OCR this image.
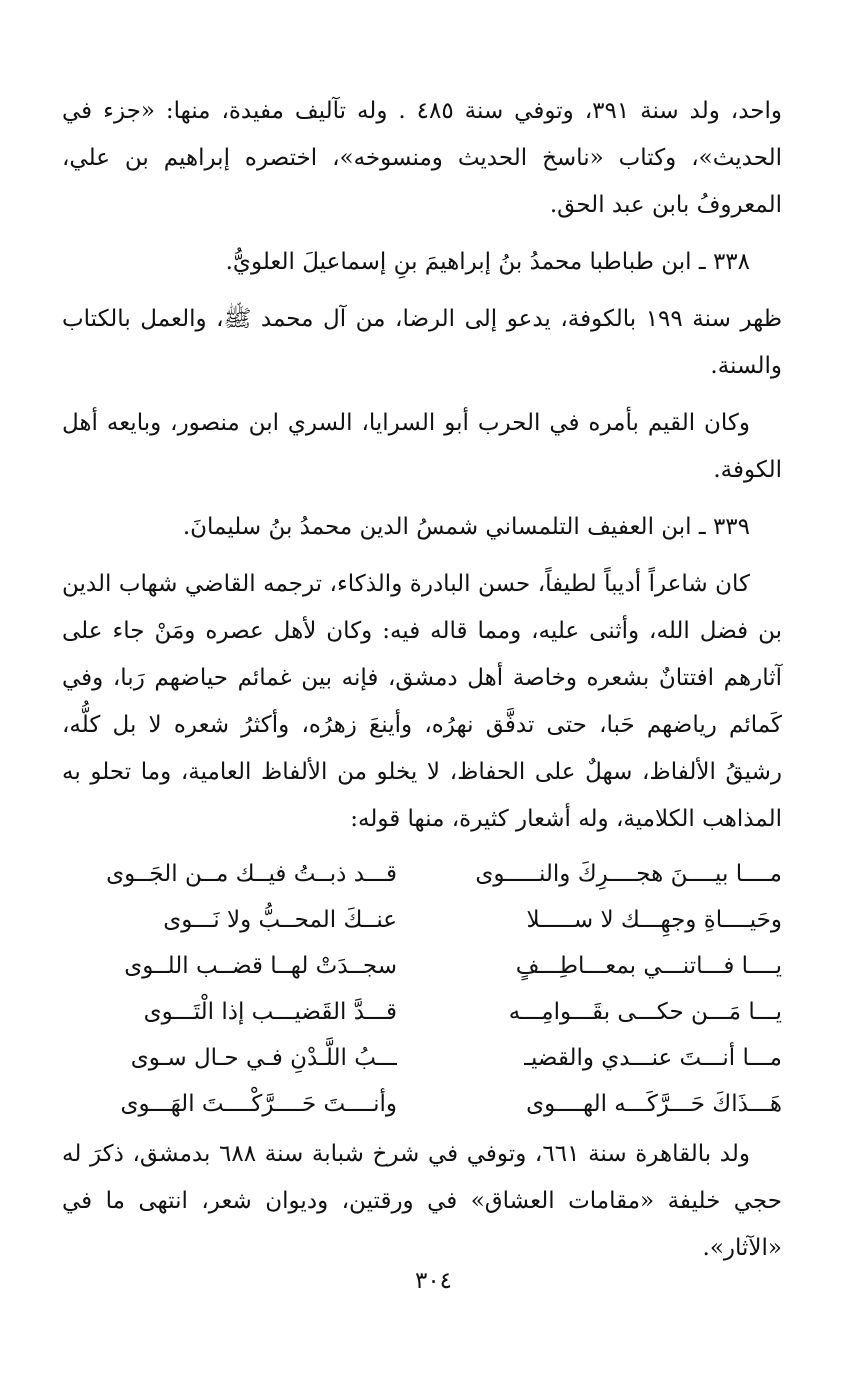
واحد، ولد سنة ٣٩١، وتوفي سنة ٤٨٥ . وله تآليف مفيدة، منها: «جزء في الحديث»، وكتاب «ناسخ الحديث ومنسوخه»، اختصره إبراهيم بن علي، المعروفُ بابن عبد الحق.

٣٣٨ ـ ابن طباطبا محمدُ بنُ إبراهيمَ بنِ إسماعيلَ العلويُّ.

ظهر سنة ١٩٩ بالكوفة، يدعو إلى الرضا، من آل محمد ﷺ، والعمل بالكتاب والسنة.

وكان القيم بأمره في الحرب أبو السرايا، السري ابن منصور، وبايعه أهل الكوفة.

٣٣٩ ـ ابن العفيف التلمساني شمسُ الدين محمدُ بنُ سليمانَ.

كان شاعراً أديباً لطيفاً، حسن البادرة والذكاء، ترجمه القاضي شهاب الدين بن فضل الله، وأثنى عليه، ومما قاله فيه: وكان لأهل عصره ومَنْ جاء على آثارهم افتتانٌ بشعره وخاصة أهل دمشق، فإنه بين غمائم حياضهم رَبا، وفي كَمائم رياضهم حَبا، حتى تدفَّق نهرُه، وأينعَ زهرُه، وأكثرُ شعره لا بل كلُّه، رشيقُ الألفاظ، سهلٌ على الحفاظ، لا يخلو من الألفاظ العامية، وما تحلو به المذاهب الكلامية، وله أشعار كثيرة، منها قوله:

مــــا بيــــنَ هجــــرِكَ والنـــــوى
قـــد ذبــتُ فيــك مــن الجَــوى
وحَيــــاةِ وجهِـــك لا ســـــلا
عنــكَ المحــبُّ ولا نَـــوى
يــــا فـــاتنـــي بمعـــاطِـــفٍ
سجــدَتْ لهــا قضــب اللــوى
يـــا مَـــن حكـــى بقَـــوامِـــه
قـــدَّ القَضيـــب إذا الْتَـــوى
مـــا أنـــتَ عنـــدي والقضيـ
ـــبُ اللَّـدْنِ فـي حـال سـوى
هَـــذَاكَ حَـــرَّكَـــه الهــــوى
وأنــــتَ حَــــرَّكْــــتَ الهَـــوى

ولد بالقاهرة سنة ٦٦١، وتوفي في شرخ شبابة سنة ٦٨٨ بدمشق، ذكرَ له حجي خليفة «مقامات العشاق» في ورقتين، وديوان شعر، انتهى ما في «الآثار».

٣٠٤
